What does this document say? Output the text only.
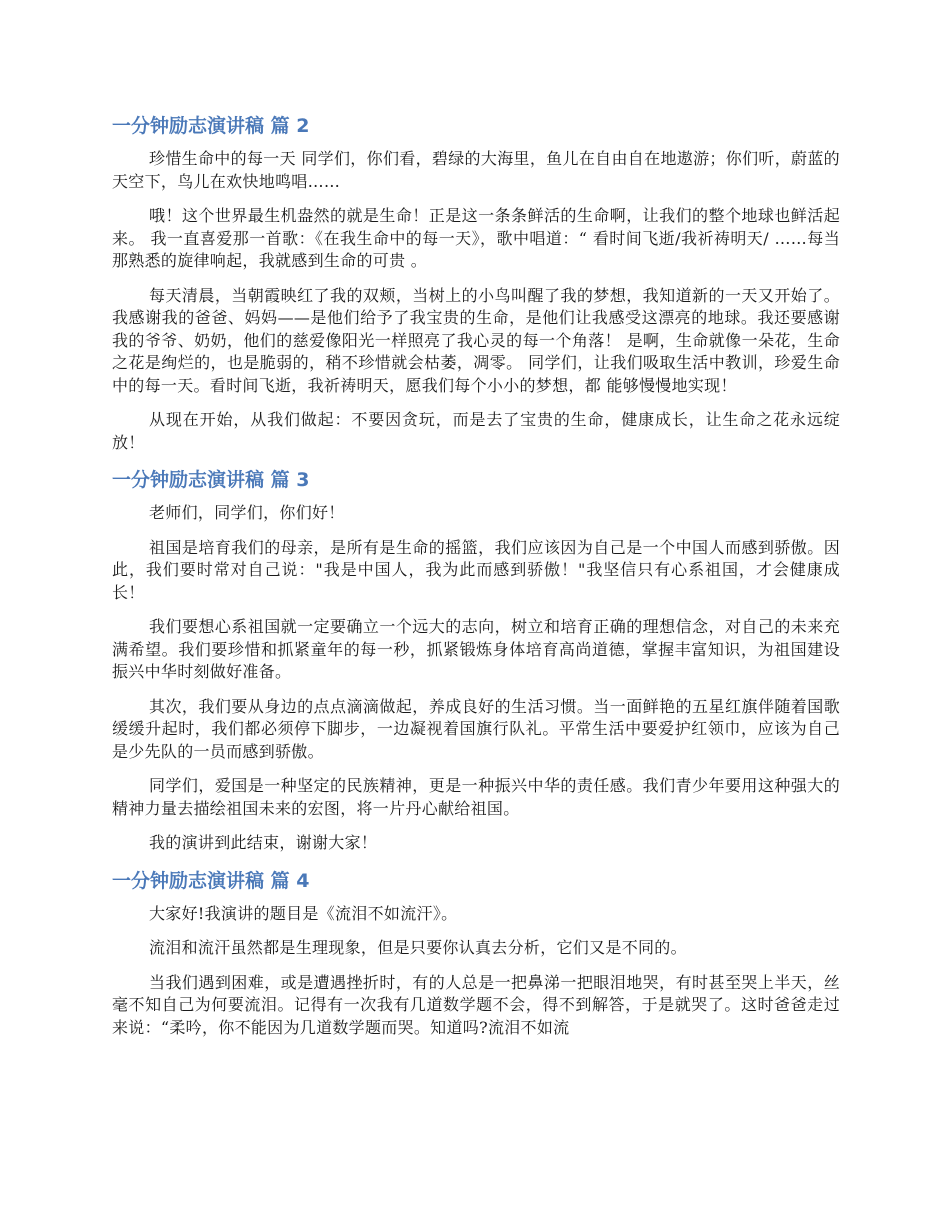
一分钟励志演讲稿 篇 2

珍惜生命中的每一天 同学们，你们看，碧绿的大海里，鱼儿在自由自在地遨游；你们听，蔚蓝的天空下，鸟儿在欢快地鸣唱……

哦！这个世界最生机盎然的就是生命！正是这一条条鲜活的生命啊，让我们的整个地球也鲜活起来。 我一直喜爱那一首歌：《在我生命中的每一天》，歌中唱道：“ 看时间飞逝/我祈祷明天/ ……每当那熟悉的旋律响起，我就感到生命的可贵 。

每天清晨，当朝霞映红了我的双颊，当树上的小鸟叫醒了我的梦想，我知道新的一天又开始了。我感谢我的爸爸、妈妈——是他们给予了我宝贵的生命，是他们让我感受这漂亮的地球。我还要感谢我的爷爷、奶奶，他们的慈爱像阳光一样照亮了我心灵的每一个角落！ 是啊，生命就像一朵花，生命之花是绚烂的，也是脆弱的，稍不珍惜就会枯萎，凋零。 同学们，让我们吸取生活中教训，珍爱生命中的每一天。看时间飞逝，我祈祷明天，愿我们每个小小的梦想，都 能够慢慢地实现！

从现在开始，从我们做起：不要因贪玩，而是去了宝贵的生命，健康成长，让生命之花永远绽放！

一分钟励志演讲稿 篇 3

老师们，同学们，你们好！

祖国是培育我们的母亲，是所有是生命的摇篮，我们应该因为自己是一个中国人而感到骄傲。因此，我们要时常对自己说："我是中国人，我为此而感到骄傲！"我坚信只有心系祖国，才会健康成长！

我们要想心系祖国就一定要确立一个远大的志向，树立和培育正确的理想信念，对自己的未来充满希望。我们要珍惜和抓紧童年的每一秒，抓紧锻炼身体培育高尚道德，掌握丰富知识，为祖国建设振兴中华时刻做好准备。

其次，我们要从身边的点点滴滴做起，养成良好的生活习惯。当一面鲜艳的五星红旗伴随着国歌缓缓升起时，我们都必须停下脚步，一边凝视着国旗行队礼。平常生活中要爱护红领巾，应该为自己是少先队的一员而感到骄傲。

同学们，爱国是一种坚定的民族精神，更是一种振兴中华的责任感。我们青少年要用这种强大的精神力量去描绘祖国未来的宏图，将一片丹心献给祖国。

我的演讲到此结束，谢谢大家！

一分钟励志演讲稿 篇 4

大家好!我演讲的题目是《流泪不如流汗》。

流泪和流汗虽然都是生理现象，但是只要你认真去分析，它们又是不同的。

当我们遇到困难，或是遭遇挫折时，有的人总是一把鼻涕一把眼泪地哭，有时甚至哭上半天，丝毫不知自己为何要流泪。记得有一次我有几道数学题不会，得不到解答，于是就哭了。这时爸爸走过来说：“柔吟，你不能因为几道数学题而哭。知道吗?流泪不如流
